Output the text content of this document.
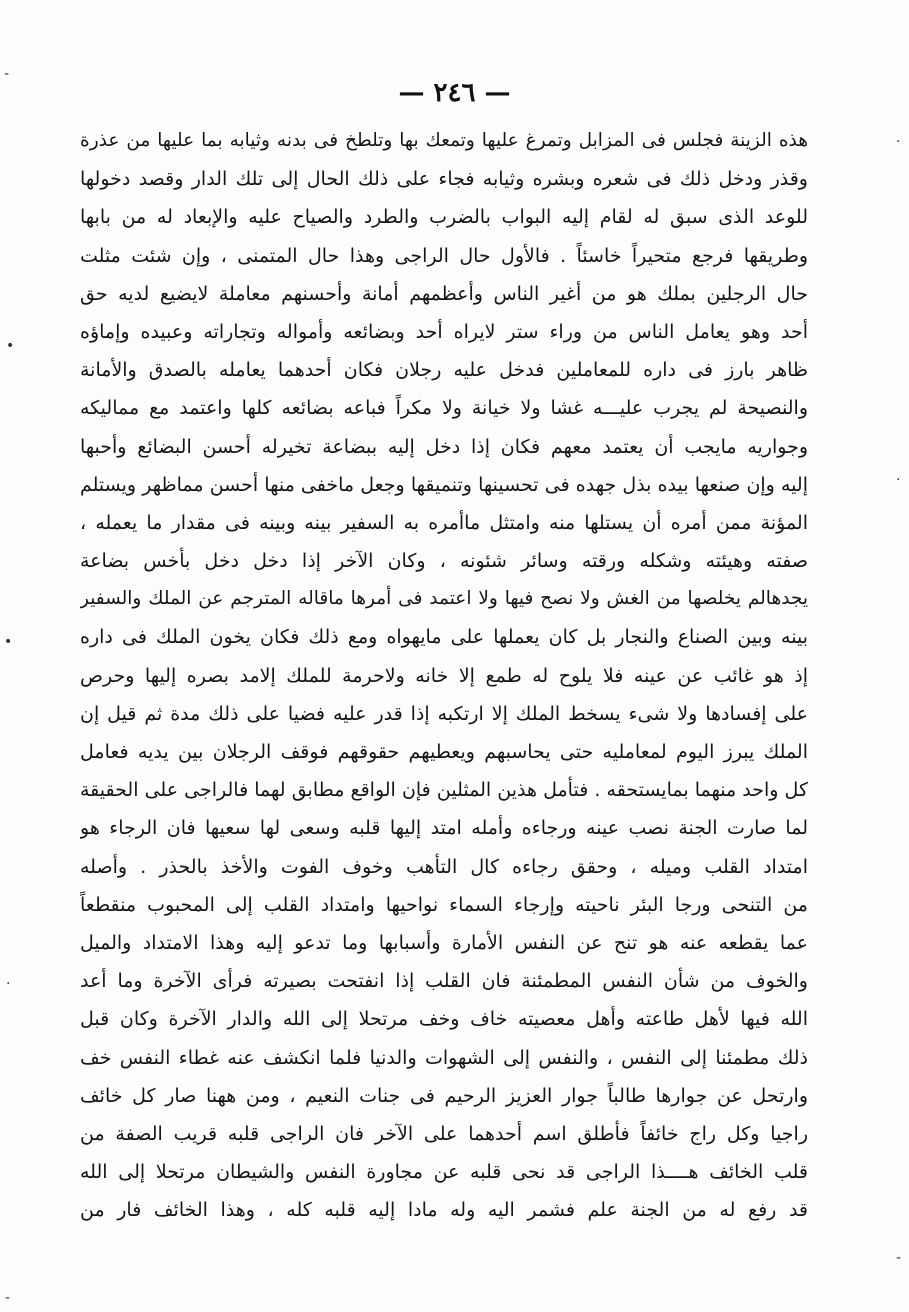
-
•
•
·
-
·
·
-
— ٢٤٦ —

هذه الزينة فجلس فى المزابل وتمرغ عليها وتمعك بها وتلطخ فى بدنه وثيابه بما عليها من عذرة

وقذر ودخل ذلك فى شعره وبشره وثيابه فجاء على ذلك الحال إلى تلك الدار وقصد دخولها

للوعد الذى سبق له لقام إليه البواب بالضرب والطرد والصياح عليه والإبعاد له من بابها

وطريقها فرجع متحيراً خاسئاً . فالأول حال الراجى وهذا حال المتمنى ، وإن شئت مثلت

حال الرجلين بملك هو من أغير الناس وأعظمهم أمانة وأحسنهم معاملة لايضيع لديه حق

أحد وهو يعامل الناس من وراء ستر لايراه أحد وبضائعه وأمواله وتجاراته وعبيده وإماؤه

ظاهر بارز فى داره للمعاملين فدخل عليه رجلان فكان أحدهما يعامله بالصدق والأمانة

والنصيحة لم يجرب عليـــه غشا ولا خيانة ولا مكراً فباعه بضائعه كلها واعتمد مع مماليكه

وجواريه مايجب أن يعتمد معهم فكان إذا دخل إليه ببضاعة تخيرله أحسن البضائع وأحبها

إليه وإن صنعها بيده بذل جهده فى تحسينها وتنميقها وجعل ماخفى منها أحسن مماظهر ويستلم

المؤنة ممن أمره أن يستلها منه وامتثل ماأمره به السفير بينه وبينه فى مقدار ما يعمله ،

صفته وهيئته وشكله ورقته وسائر شئونه ، وكان الآخر إذا دخل دخل بأخس بضاعة

يجدهالم يخلصها من الغش ولا نصح فيها ولا اعتمد فى أمرها ماقاله المترجم عن الملك والسفير

بينه وبين الصناع والنجار بل كان يعملها على مايهواه ومع ذلك فكان يخون الملك فى داره

إذ هو غائب عن عينه فلا يلوح له طمع إلا خانه ولاحرمة للملك إلامد بصره إليها وحرص

على إفسادها ولا شىء يسخط الملك إلا ارتكبه إذا قدر عليه فضيا على ذلك مدة ثم قيل إن

الملك يبرز اليوم لمعامليه حتى يحاسبهم ويعطيهم حقوقهم فوقف الرجلان بين يديه فعامل

كل واحد منهما بمايستحقه . فتأمل هذين المثلين فإن الواقع مطابق لهما فالراجى على الحقيقة

لما صارت الجنة نصب عينه ورجاءه وأمله امتد إليها قلبه وسعى لها سعيها فان الرجاء هو

امتداد القلب وميله ، وحقق رجاءه كال التأهب وخوف الفوت والأخذ بالحذر . وأصله

من التنحى ورجا البئر ناحيته وإرجاء السماء نواحيها وامتداد القلب إلى المحبوب منقطعاً

عما يقطعه عنه هو تنح عن النفس الأمارة وأسبابها وما تدعو إليه وهذا الامتداد والميل

والخوف من شأن النفس المطمئنة فان القلب إذا انفتحت بصيرته فرأى الآخرة وما أعد

الله فيها لأهل طاعته وأهل معصيته خاف وخف مرتحلا إلى الله والدار الآخرة وكان قبل

ذلك مطمئنا إلى النفس ، والنفس إلى الشهوات والدنيا فلما انكشف عنه غطاء النفس خف

وارتحل عن جوارها طالباً جوار العزيز الرحيم فى جنات النعيم ، ومن ههنا صار كل خائف

راجيا وكل راج خائفاً فأطلق اسم أحدهما على الآخر فان الراجى قلبه قريب الصفة من

قلب الخائف هــــذا الراجى قد نحى قلبه عن مجاورة النفس والشيطان مرتحلا إلى الله

قد رفع له من الجنة علم فشمر اليه وله مادا إليه قلبه كله ، وهذا الخائف فار من
